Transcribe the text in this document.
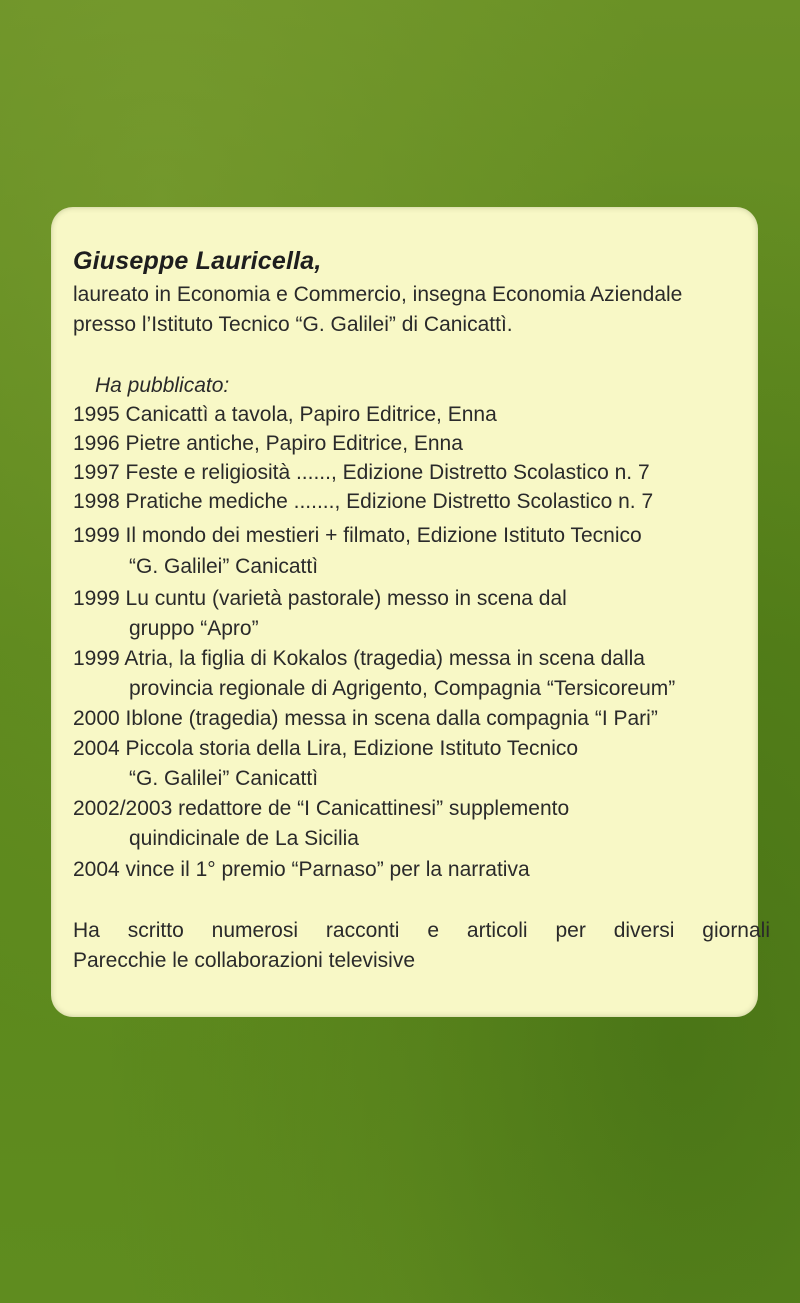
Giuseppe Lauricella,
laureato in Economia e Commercio, insegna Economia Aziendale
presso l’Istituto Tecnico “G. Galilei” di Canicattì.
Ha pubblicato:
1995 Canicattì a tavola, Papiro Editrice, Enna
1996 Pietre antiche, Papiro Editrice, Enna
1997 Feste e religiosità ......, Edizione Distretto Scolastico n. 7
1998 Pratiche mediche ......., Edizione Distretto Scolastico n. 7
1999 Il mondo dei mestieri + filmato, Edizione Istituto Tecnico
“G. Galilei” Canicattì
1999 Lu cuntu (varietà pastorale) messo in scena dal
gruppo “Apro”
1999 Atria, la figlia di Kokalos (tragedia) messa in scena dalla
provincia regionale di Agrigento, Compagnia “Tersicoreum”
2000 Iblone (tragedia) messa in scena dalla compagnia “I Pari”
2004 Piccola storia della Lira, Edizione Istituto Tecnico
“G. Galilei” Canicattì
2002/2003 redattore de “I Canicattinesi” supplemento
quindicinale de La Sicilia
2004 vince il 1° premio “Parnaso” per la narrativa
Ha scritto numerosi racconti e articoli per diversi giornali
Parecchie le collaborazioni televisive
